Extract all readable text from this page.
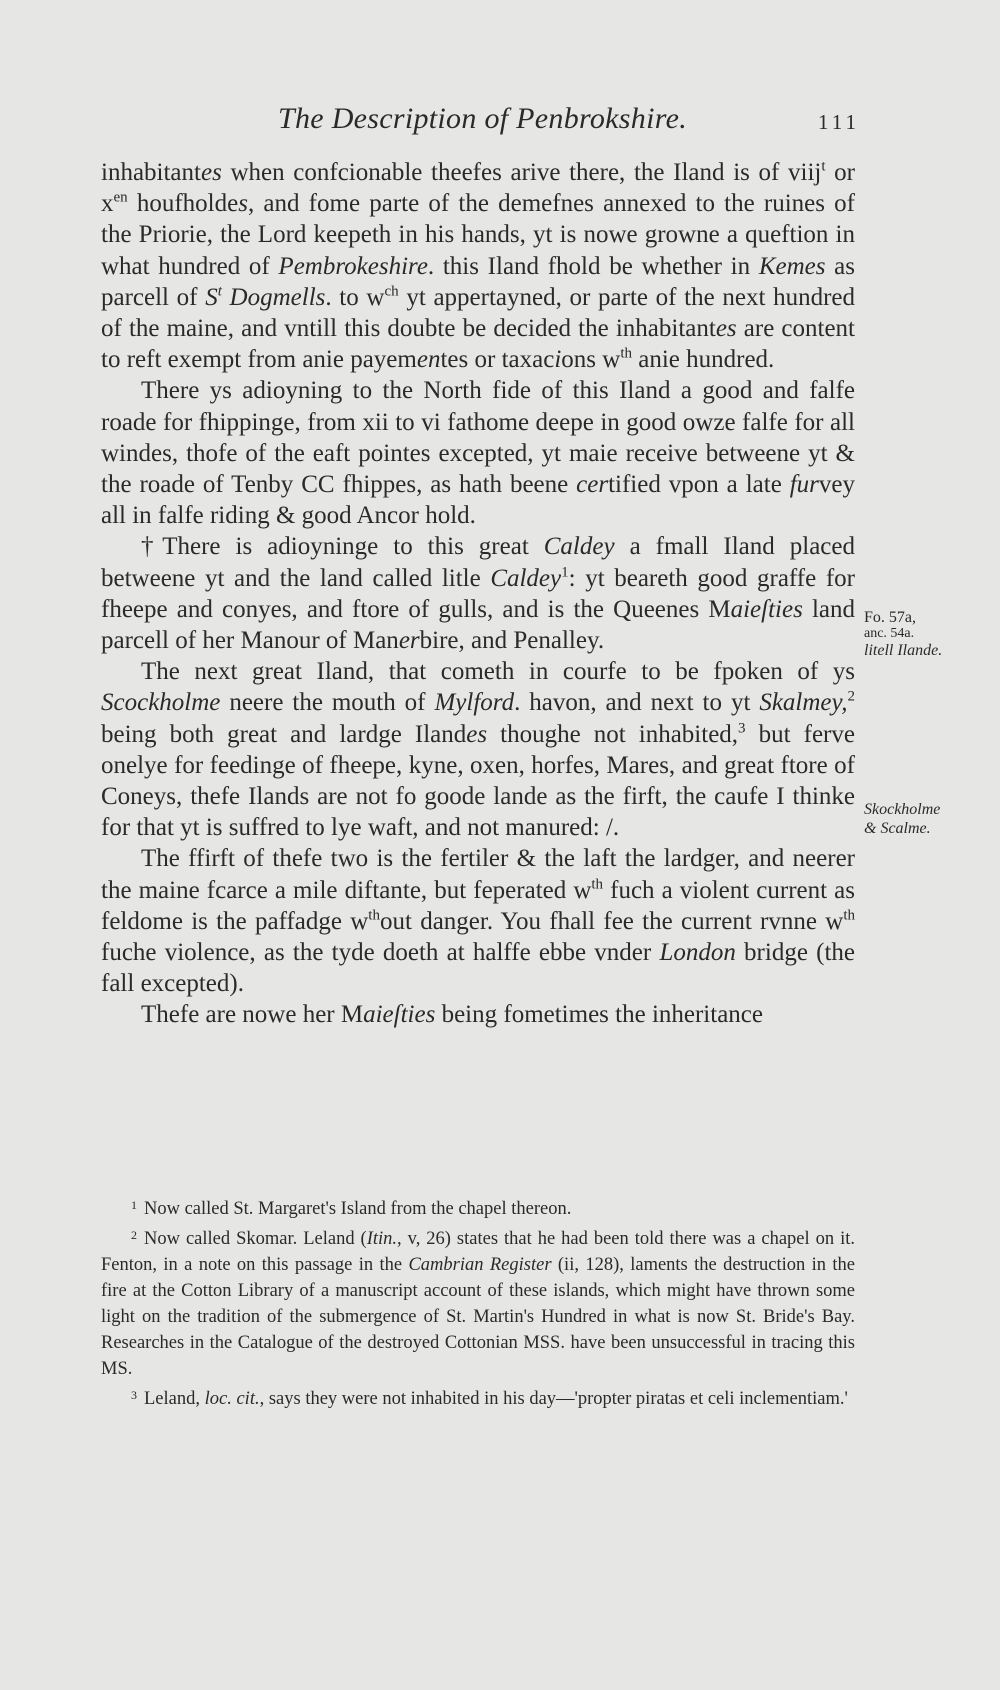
The Description of Penbrokshire.	111

inhabitantes when confcionable theefes arive there, the Iland is of viij$^t$ or $x^{en}$ houfholdes, and fome parte of the demefnes annexed to the ruines of the Priorie, the Lord keepeth in his hands, yt is nowe growne a queftion in what hundred of Pembrokeshire. this Iland fhold be whether in Kemes as parcell of $S^t$ Dogmells. to $w^{ch}$ yt appertayned, or parte of the next hundred of the maine, and vntill this doubte be decided the inhabitantes are content to reft exempt from anie payementes or taxacions $w^{th}$ anie hundred.

There ys adioyning to the North fide of this Iland a good and falfe roade for fhippinge, from xii to vi fathome deepe in good owze falfe for all windes, thofe of the eaft pointes excepted, yt maie receive betweene yt & the roade of Tenby CC fhippes, as hath beene certified vpon a late furvey all in falfe riding & good Ancor hold.

†There is adioyninge to this great Caldey a fmall Iland placed betweene yt and the land called litle Caldey$^1$: yt beareth good graffe for fheepe and conyes, and ftore of gulls, and is the Queenes Maieſties land parcell of her Manour of Manerbire, and Penalley.

The next great Iland, that cometh in courfe to be fpoken of ys Scockholme neere the mouth of Mylford. havon, and next to yt Skalmey,$^2$ being both great and lardge Ilandes thoughe not inhabited,$^3$ but ferve onelye for feedinge of fheepe, kyne, oxen, horfes, Mares, and great ftore of Coneys, thefe Ilands are not fo goode lande as the firft, the caufe I thinke for that yt is suffred to lye waft, and not manured: /.

The ffirft of thefe two is the fertiler & the laft the lardger, and neerer the maine fcarce a mile diftante, but feperated $w^{th}$ fuch a violent current as feldome is the paffadge $w^{th}out$ danger. You fhall fee the current rvnne $w^{th}$ fuche violence, as the tyde doeth at halffe ebbe vnder London bridge (the fall excepted).

Thefe are nowe her Maieſties being fometimes the inheritance

Fo. 57a,
anc. 54a.
litell Ilande.
Skockholme
& Scalme.

$^1$ Now called St. Margaret's Island from the chapel thereon.

$^2$ Now called Skomar. Leland (Itin., v, 26) states that he had been told there was a chapel on it. Fenton, in a note on this passage in the Cambrian Register (ii, 128), laments the destruction in the fire at the Cotton Library of a manuscript account of these islands, which might have thrown some light on the tradition of the submergence of St. Martin's Hundred in what is now St. Bride's Bay. Researches in the Catalogue of the destroyed Cottonian MSS. have been unsuccessful in tracing this MS.

$^3$ Leland, loc. cit., says they were not inhabited in his day—'propter piratas et celi inclementiam.'
